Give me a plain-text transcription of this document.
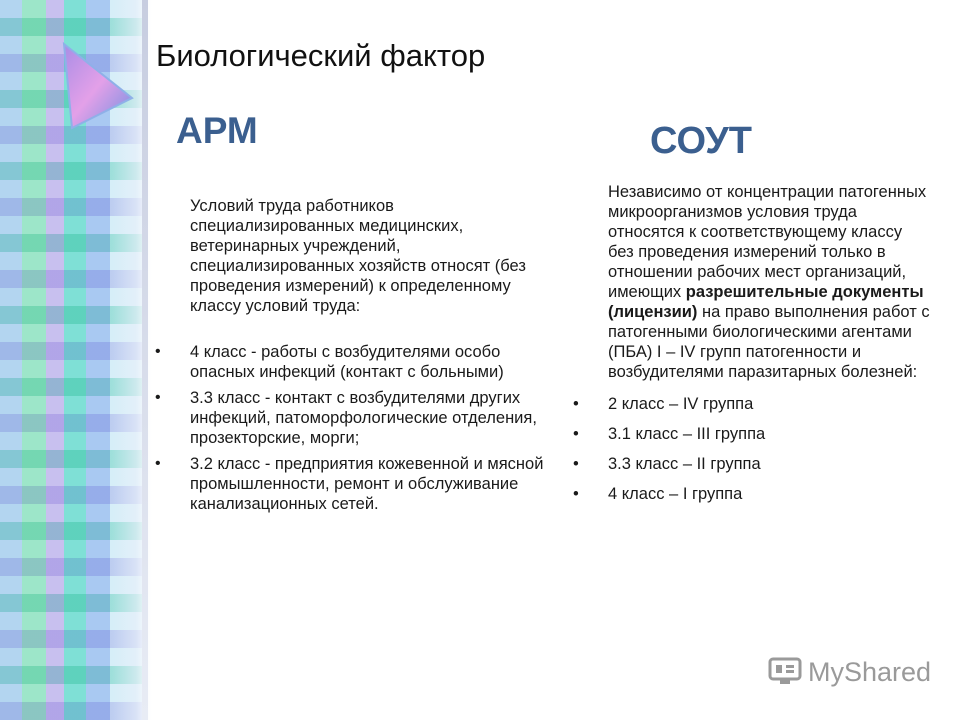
Биологический фактор
АРМ	СОУТ

Условий труда работников специализированных медицинских, ветеринарных учреждений, специализированных хозяйств относят (без проведения измерений) к определенному классу условий труда:

• 4 класс - работы с возбудителями особо опасных инфекций (контакт с больными)
• 3.3 класс - контакт с возбудителями других инфекций, патоморфологические отделения, прозекторские, морги;
• 3.2 класс - предприятия кожевенной и мясной промышленности, ремонт и обслуживание канализационных сетей.

Независимо от концентрации патогенных микроорганизмов условия труда относятся к соответствующему классу без проведения измерений только в отношении рабочих мест организаций, имеющих разрешительные документы (лицензии) на право выполнения работ с патогенными биологическими агентами (ПБА) I – IV групп патогенности и возбудителями паразитарных болезней:

• 2 класс – IV группа
• 3.1 класс – III группа
• 3.3 класс – II группа
• 4 класс – I группа
MyShared
